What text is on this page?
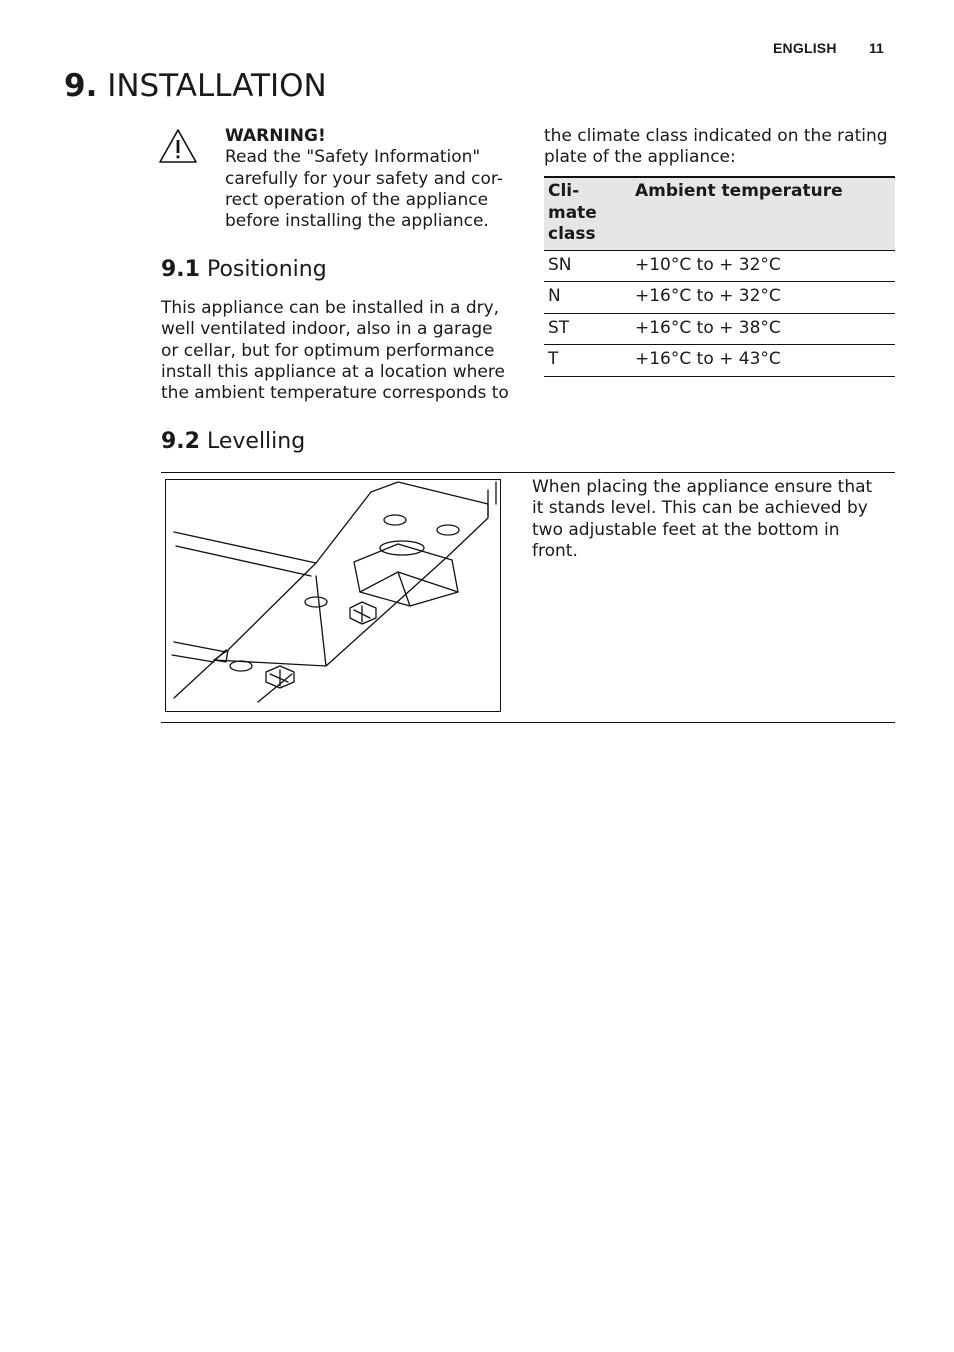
ENGLISH 11
9. INSTALLATION
WARNING!
Read the "Safety Information"
carefully for your safety and cor-
rect operation of the appliance
before installing the appliance.
9.1 Positioning
This appliance can be installed in a dry,
well ventilated indoor, also in a garage
or cellar, but for optimum performance
install this appliance at a location where
the ambient temperature corresponds to
the climate class indicated on the rating
plate of the appliance:
Cli-
mate
class	Ambient temperature
SN	+10°C to + 32°C
N	+16°C to + 32°C
ST	+16°C to + 38°C
T	+16°C to + 43°C
9.2 Levelling
When placing the appliance ensure that
it stands level. This can be achieved by
two adjustable feet at the bottom in
front.
